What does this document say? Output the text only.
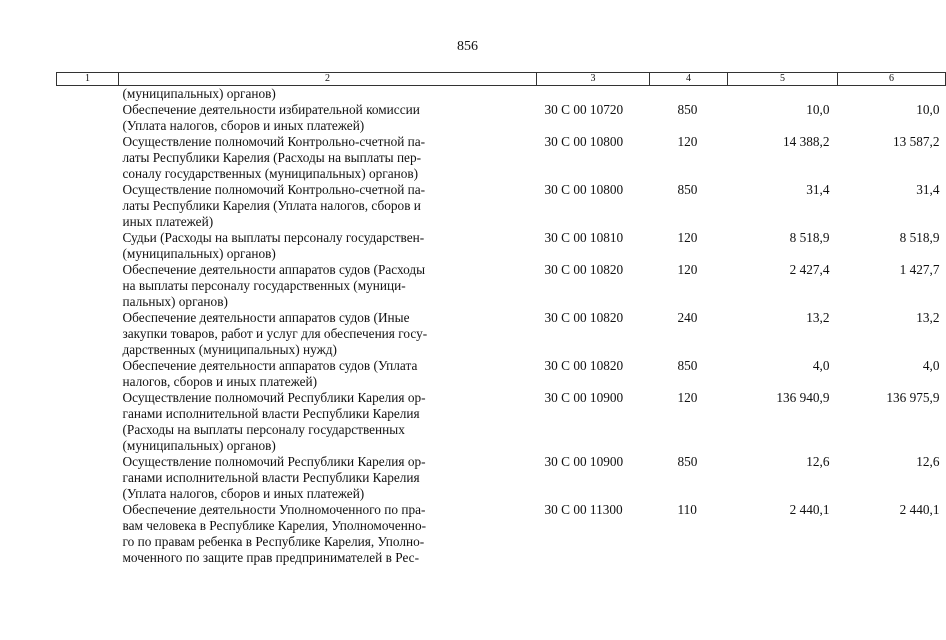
856
1	2	3	4	5	6

	(муниципальных) органов)				

	Обеспечение деятельности избирательной комиссии
(Уплата налогов, сборов и иных платежей)	30 С 00 10720	850	10,0	10,0

	Осуществление полномочий Контрольно-счетной па-
латы Республики Карелия (Расходы на выплаты пер-
соналу государственных (муниципальных) органов)	30 С 00 10800	120	14 388,2	13 587,2

	Осуществление полномочий Контрольно-счетной па-
латы Республики Карелия (Уплата налогов, сборов и
иных платежей)	30 С 00 10800	850	31,4	31,4

	Судьи (Расходы на выплаты персоналу государствен-
(муниципальных) органов)	30 С 00 10810	120	8 518,9	8 518,9

	Обеспечение деятельности аппаратов судов (Расходы
на выплаты персоналу государственных (муници-
пальных) органов)	30 С 00 10820	120	2 427,4	1 427,7

	Обеспечение деятельности аппаратов судов (Иные
закупки товаров, работ и услуг для обеспечения госу-
дарственных (муниципальных) нужд)	30 С 00 10820	240	13,2	13,2

	Обеспечение деятельности аппаратов судов (Уплата
налогов, сборов и иных платежей)	30 С 00 10820	850	4,0	4,0

	Осуществление полномочий Республики Карелия ор-
ганами исполнительной власти Республики Карелия
(Расходы на выплаты персоналу государственных
(муниципальных) органов)	30 С 00 10900	120	136 940,9	136 975,9

	Осуществление полномочий Республики Карелия ор-
ганами исполнительной власти Республики Карелия
(Уплата налогов, сборов и иных платежей)	30 С 00 10900	850	12,6	12,6

	Обеспечение деятельности Уполномоченного по пра-
вам человека в Республике Карелия, Уполномоченно-
го по правам ребенка в Республике Карелия, Уполно-
моченного по защите прав предпринимателей в Рес-	30 С 00 11300	110	2 440,1	2 440,1
